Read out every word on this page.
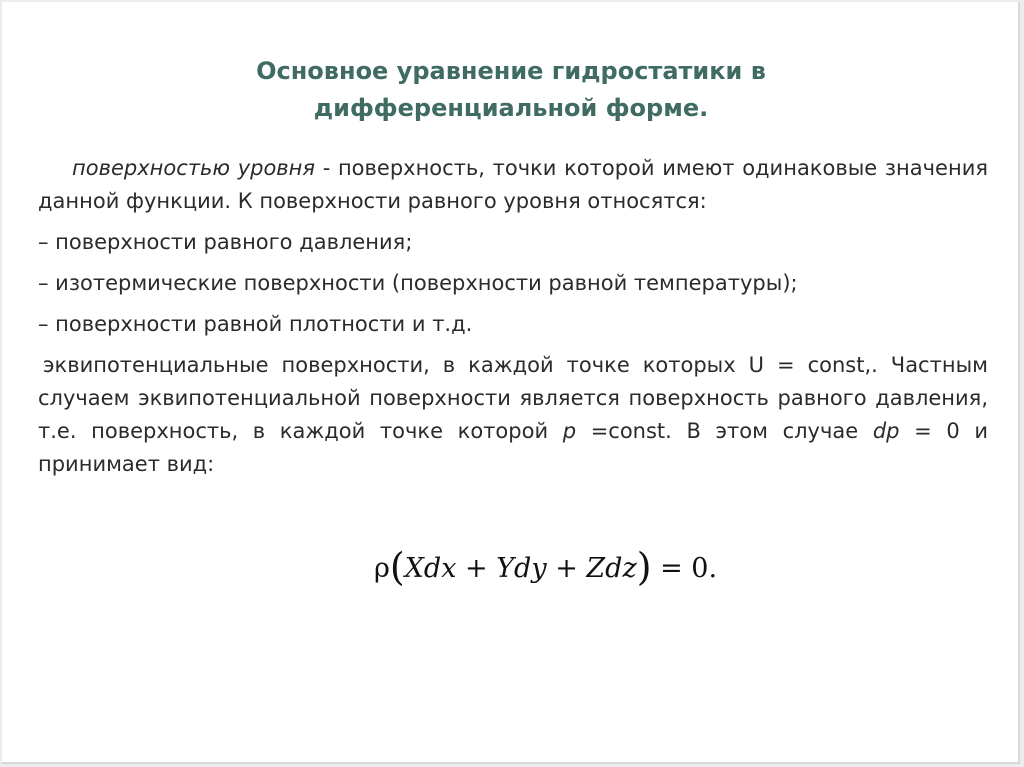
Основное уравнение гидростатики в
дифференциальной форме.

поверхностью уровня - поверхность, точки которой имеют одинаковые значения данной функции. К поверхности равного уровня относятся:

– поверхности равного давления;

– изотермические поверхности (поверхности равной температуры);

– поверхности равной плотности и т.д.

эквипотенциальные поверхности, в каждой точке которых U = const,. Частным случаем эквипотенциальной поверхности является поверхность равного давления, т.е. поверхность, в каждой точке которой p =const. В этом случае dp = 0 и принимает вид:

ρ(Xdx + Ydy + Zdz) = 0.
